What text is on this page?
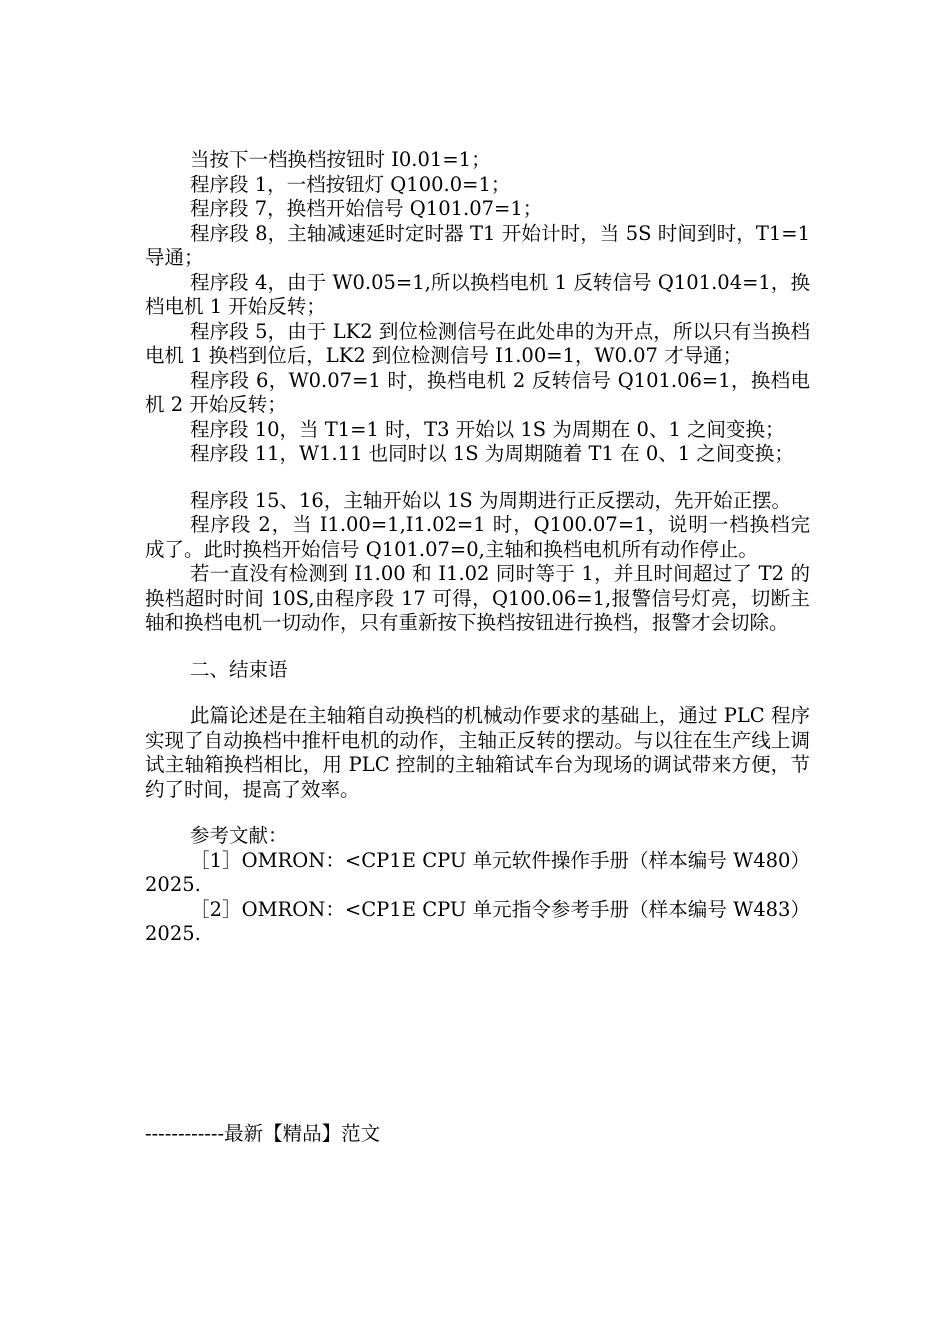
当按下一档换档按钮时 I0.01=1；

程序段 1，一档按钮灯 Q100.0=1；

程序段 7，换档开始信号 Q101.07=1；

程序段 8，主轴减速延时定时器 T1 开始计时，当 5S 时间到时，T1=1 导通；

程序段 4，由于 W0.05=1,所以换档电机 1 反转信号 Q101.04=1，换档电机 1 开始反转；

程序段 5，由于 LK2 到位检测信号在此处串的为开点，所以只有当换档电机 1 换档到位后，LK2 到位检测信号 I1.00=1，W0.07 才导通；

程序段 6，W0.07=1 时，换档电机 2 反转信号 Q101.06=1，换档电机 2 开始反转；

程序段 10，当 T1=1 时，T3 开始以 1S 为周期在 0、1 之间变换；

程序段 11，W1.11 也同时以 1S 为周期随着 T1 在 0、1 之间变换；

程序段 15、16，主轴开始以 1S 为周期进行正反摆动，先开始正摆。

程序段 2，当 I1.00=1,I1.02=1 时，Q100.07=1，说明一档换档完成了。此时换档开始信号 Q101.07=0,主轴和换档电机所有动作停止。

若一直没有检测到 I1.00 和 I1.02 同时等于 1，并且时间超过了 T2 的换档超时时间 10S,由程序段 17 可得，Q100.06=1,报警信号灯亮，切断主轴和换档电机一切动作，只有重新按下换档按钮进行换档，报警才会切除。

二、结束语

此篇论述是在主轴箱自动换档的机械动作要求的基础上，通过 PLC 程序实现了自动换档中推杆电机的动作，主轴正反转的摆动。与以往在生产线上调试主轴箱换档相比，用 PLC 控制的主轴箱试车台为现场的调试带来方便，节约了时间，提高了效率。

参考文献：

［1］OMRON：<CP1E CPU 单元软件操作手册（样本编号 W480）2025.

［2］OMRON：<CP1E CPU 单元指令参考手册（样本编号 W483）2025.

------------最新【精品】范文
